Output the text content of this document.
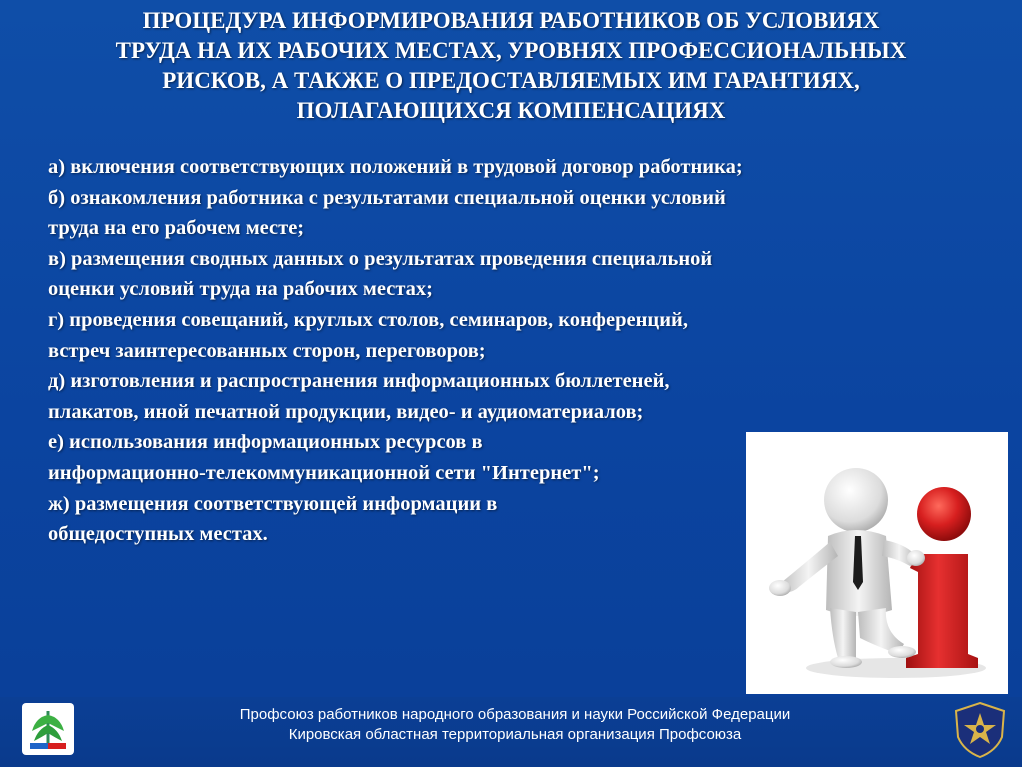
ПРОЦЕДУРА ИНФОРМИРОВАНИЯ РАБОТНИКОВ ОБ УСЛОВИЯХ
ТРУДА НА ИХ РАБОЧИХ МЕСТАХ, УРОВНЯХ ПРОФЕССИОНАЛЬНЫХ
РИСКОВ, А ТАКЖЕ О ПРЕДОСТАВЛЯЕМЫХ ИМ ГАРАНТИЯХ,
ПОЛАГАЮЩИХСЯ КОМПЕНСАЦИЯХ
а) включения соответствующих положений в трудовой договор работника;
б) ознакомления работника с результатами специальной оценки условий
труда на его рабочем месте;
в) размещения сводных данных о результатах проведения специальной
оценки условий труда на рабочих местах;
г) проведения совещаний, круглых столов, семинаров, конференций,
встреч заинтересованных сторон, переговоров;
д) изготовления и распространения информационных бюллетеней,
плакатов, иной печатной продукции, видео- и аудиоматериалов;
е) использования информационных ресурсов в
информационно-телекоммуникационной сети "Интернет";
ж) размещения соответствующей информации в
общедоступных местах.
Профсоюз работников народного образования и науки Российской Федерации
Кировская областная территориальная организация Профсоюза
